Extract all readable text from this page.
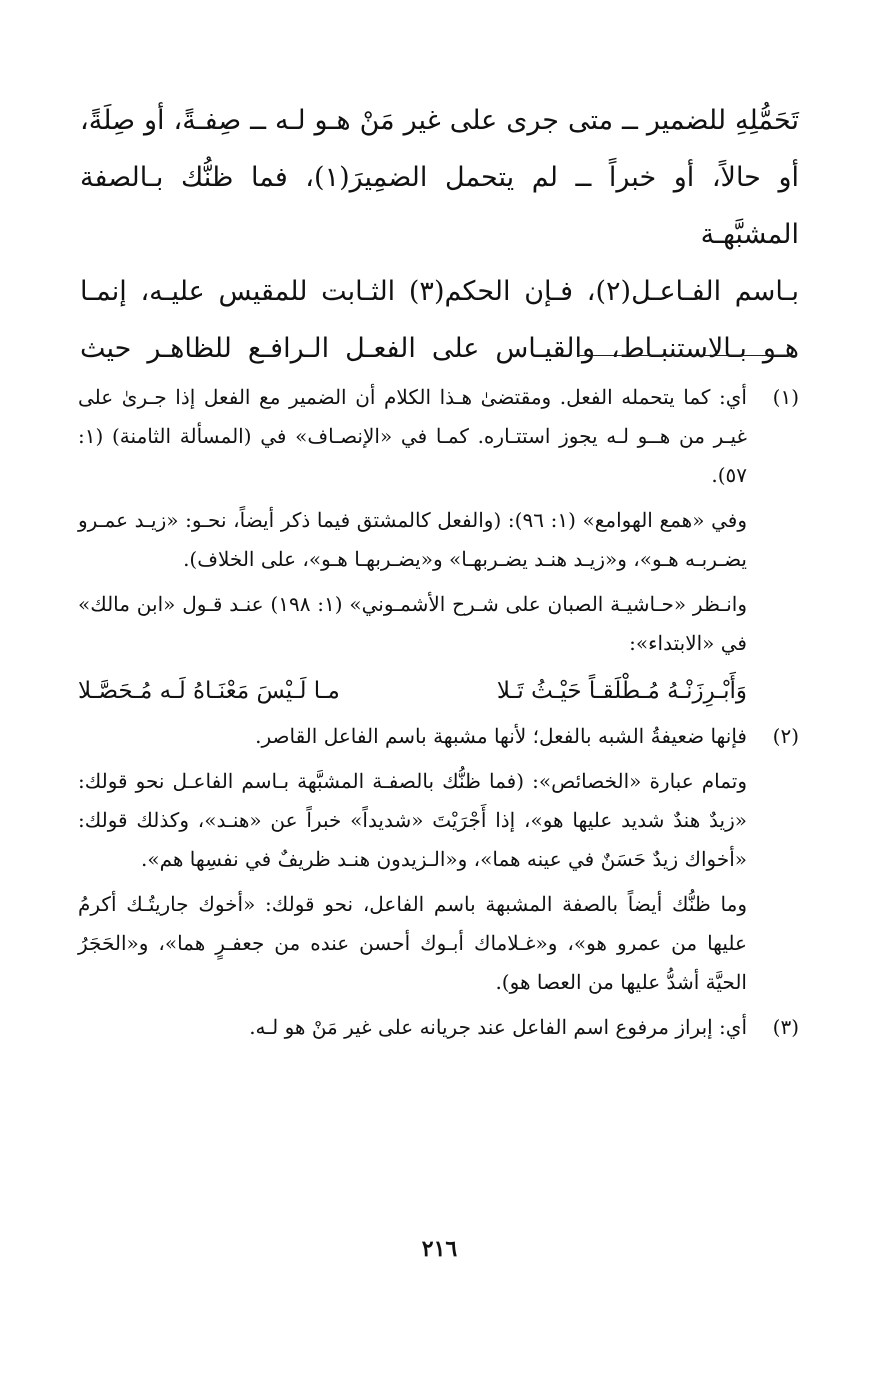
تَحَمُّلِهِ للضمير ــ متى جرى على غير مَنْ هـو لـه ــ صِفـةً، أو صِلَةً،

أو حالاً، أو خبراً ــ لم يتحمل الضمِيرَ(١)، فما ظنُّك بـالصفة المشبَّهـة

بـاسم الفـاعـل(٢)، فـإن الحكم(٣) الثـابت للمقيس عليـه، إنمـا

هـو بـالاستنبـاط، والقيـاس على الفعـل الـرافـع للظاهـر حيث

(١)

أي: كما يتحمله الفعل. ومقتضىٰ هـذا الكلام أن الضمير مع الفعل إذا جـرىٰ على غيـر من هــو لـه يجوز استتـاره. كمـا في «الإنصـاف» في (المسألة الثامنة) (١: ٥٧).

وفي «همع الهوامع» (١: ٩٦): (والفعل كالمشتق فيما ذكر أيضاً، نحـو: «زيـد عمـرو يضـربـه هـو»، و«زيـد هنـد يضـربهـا» و«يضـربهـا هـو»، على الخلاف).

وانـظر «حـاشيـة الصبان على شـرح الأشمـوني» (١: ١٩٨) عنـد قـول «ابن مالك» في «الابتداء»:

وَأَبْـرِزَنْـهُ مُـطْلَقـاً حَيْـثُ تَـلا
مـا لَـيْسَ مَعْنَـاهُ لَـه مُـحَصَّـلا
(٢)

فإنها ضعيفةُ الشبه بالفعل؛ لأنها مشبهة باسم الفاعل القاصر.

وتمام عبارة «الخصائص»: (فما ظنُّك بالصفـة المشبَّهة بـاسم الفاعـل نحو قولك: «زيدٌ هندٌ شديد عليها هو»، إذا أَجْرَيْتَ «شديداً» خبراً عن «هنـد»، وكذلك قولك: «أخواك زيدٌ حَسَنٌ في عينه هما»، و«الـزيدون هنـد ظريفٌ في نفسِها هم».

وما ظنُّك أيضاً بالصفة المشبهة باسم الفاعل، نحو قولك: «أخوك جاريتُـك أكرمُ عليها من عمرو هو»، و«غـلاماك أبـوك أحسن عنده من جعفـرٍ هما»، و«الحَجَرُ الحيَّة أشدُّ عليها من العصا هو).

(٣)

أي: إبراز مرفوع اسم الفاعل عند جريانه على غير مَنْ هو لـه.

٢١٦
